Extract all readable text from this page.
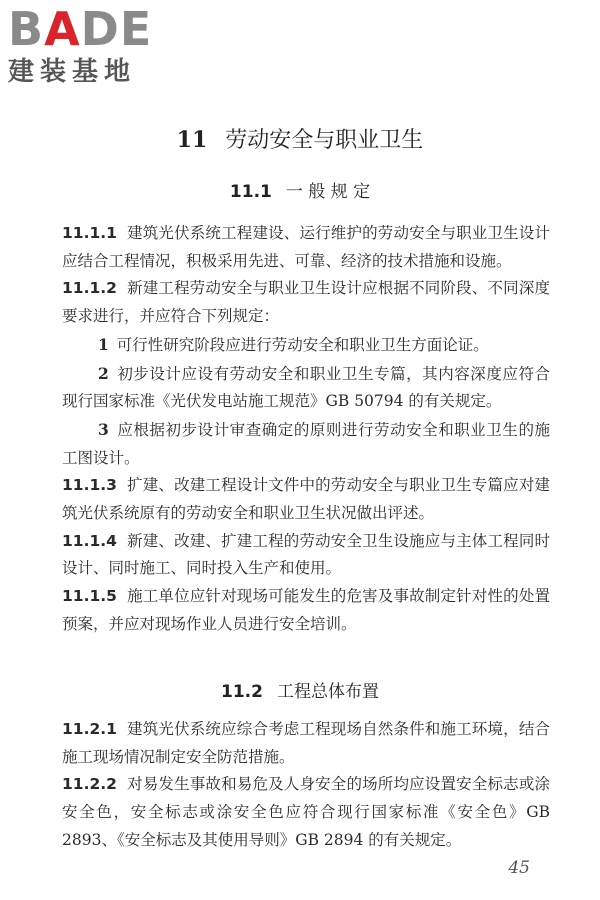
BADE
建装基地
11 劳动安全与职业卫生
11.1 一 般 规 定

11.1.1 建筑光伏系统工程建设、运行维护的劳动安全与职业卫生设计应结合工程情况，积极采用先进、可靠、经济的技术措施和设施。

11.1.2 新建工程劳动安全与职业卫生设计应根据不同阶段、不同深度要求进行，并应符合下列规定：

1 可行性研究阶段应进行劳动安全和职业卫生方面论证。

2 初步设计应设有劳动安全和职业卫生专篇，其内容深度应符合现行国家标准《光伏发电站施工规范》GB 50794 的有关规定。

3 应根据初步设计审查确定的原则进行劳动安全和职业卫生的施工图设计。

11.1.3 扩建、改建工程设计文件中的劳动安全与职业卫生专篇应对建筑光伏系统原有的劳动安全和职业卫生状况做出评述。

11.1.4 新建、改建、扩建工程的劳动安全卫生设施应与主体工程同时设计、同时施工、同时投入生产和使用。

11.1.5 施工单位应针对现场可能发生的危害及事故制定针对性的处置预案，并应对现场作业人员进行安全培训。

11.2 工程总体布置

11.2.1 建筑光伏系统应综合考虑工程现场自然条件和施工环境，结合施工现场情况制定安全防范措施。

11.2.2 对易发生事故和易危及人身安全的场所均应设置安全标志或涂安全色，安全标志或涂安全色应符合现行国家标准《安全色》GB 2893、《安全标志及其使用导则》GB 2894 的有关规定。

45
